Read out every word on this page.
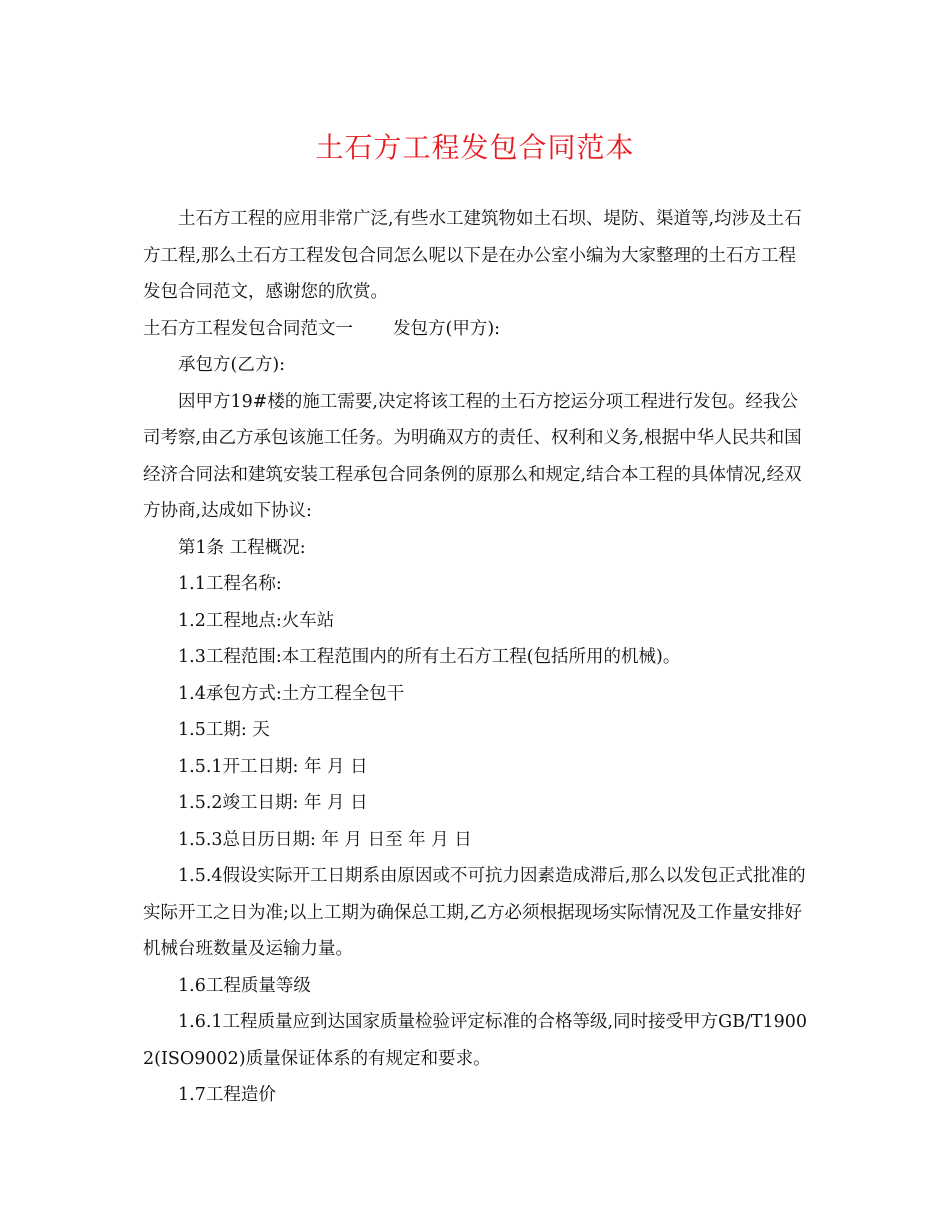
土石方工程发包合同范本

土石方工程的应用非常广泛,有些水工建筑物如土石坝、堤防、渠道等,均涉及土石方工程,那么土石方工程发包合同怎么呢以下是在办公室小编为大家整理的土石方工程发包合同范文，感谢您的欣赏。

土石方工程发包合同范文一 发包方(甲方):

承包方(乙方):

因甲方19#楼的施工需要,决定将该工程的土石方挖运分项工程进行发包。经我公司考察,由乙方承包该施工任务。为明确双方的责任、权利和义务,根据中华人民共和国经济合同法和建筑安装工程承包合同条例的原那么和规定,结合本工程的具体情况,经双方协商,达成如下协议:

第1条 工程概况:

1.1工程名称:

1.2工程地点:火车站

1.3工程范围:本工程范围内的所有土石方工程(包括所用的机械)。

1.4承包方式:土方工程全包干

1.5工期: 天

1.5.1开工日期: 年 月 日

1.5.2竣工日期: 年 月 日

1.5.3总日历日期: 年 月 日至 年 月 日

1.5.4假设实际开工日期系由原因或不可抗力因素造成滞后,那么以发包正式批准的实际开工之日为准;以上工期为确保总工期,乙方必须根据现场实际情况及工作量安排好机械台班数量及运输力量。

1.6工程质量等级

1.6.1工程质量应到达国家质量检验评定标准的合格等级,同时接受甲方GB/T19002(ISO9002)质量保证体系的有规定和要求。

1.7工程造价
